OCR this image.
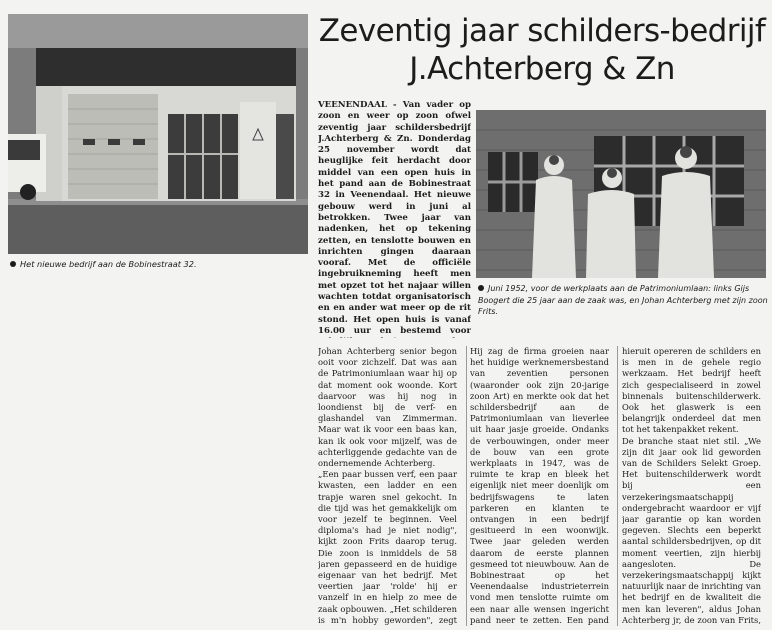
Het nieuwe bedrijf aan de Bobinestraat 32.
Zeventig jaar schilders-bedrijf J.Achterberg & Zn
VEENENDAAL - Van vader op zoon en weer op zoon ofwel zeventig jaar schildersbedrijf J.Achterberg & Zn. Donderdag 25 november wordt dat heuglijke feit herdacht door middel van een open huis in het pand aan de Bobinestraat 32 in Veenendaal. Het nieuwe gebouw werd in juni al betrokken. Twee jaar van nadenken, het op tekening zetten, en tenslotte bouwen en inrichten gingen daaraan vooraf. Met de officiële ingebruikneming heeft men met opzet tot het najaar willen wachten totdat organisatorisch en en ander wat meer op de rit stond. Het open huis is vanaf 16.00 uur en bestemd voor
Juni 1952, voor de werkplaats aan de Patrimoniumlaan: links Gijs Boogert die 25 jaar aan de zaak was, en Johan Achterberg met zijn zoon Frits.

Johan Achterberg senior begon ooit voor zichzelf. Dat was aan de Patrimoniumlaan waar hij op dat moment ook woonde. Kort daarvoor was hij nog in loondienst bij de verf- en glashandel van Zimmerman. Maar wat ik voor een baas kan, kan ik ook voor mijzelf, was de achterliggende gedachte van de ondernemende Achterberg.

„Een paar bussen verf, een paar kwasten, een ladder en een trapje waren snel gekocht. In die tijd was het gemakkelijk om voor jezelf te beginnen. Veel diploma's had je niet nodig", kijkt zoon Frits daarop terug. Die zoon is inmiddels de 58 jaren gepasseerd en de huidige eigenaar van het bedrijf. Met veertien jaar 'rolde' hij er vanzelf in en hielp zo mee de zaak opbouwen. „Het schilderen is m'n hobby geworden", zegt

Hij zag de firma groeien naar het huidige werknemersbestand van zeventien personen (waaronder ook zijn 20-jarige zoon Art) en merkte ook dat het schildersbedrijf aan de Patrimoniumlaan van lieverlee uit haar jasje groeide. Ondanks de verbouwingen, onder meer de bouw van een grote werkplaats in 1947, was de ruimte te krap en bleek het eigenlijk niet meer doenlijk om bedrijfswagens te laten parkeren en klanten te ontvangen in een bedrijf gesitueerd in een woonwijk. Twee jaar geleden werden daarom de eerste plannen gesmeed tot nieuwbouw. Aan de Bobinestraat op het Veenendaalse industrieterrein vond men tenslotte ruimte om een naar alle wensen ingericht pand neer te zetten. Een pand

hieruit opereren de schilders en is men in de gehele regio werkzaam. Het bedrijf heeft zich gespecialiseerd in zowel binnenals buitenschilderwerk. Ook het glaswerk is een belangrijk onderdeel dat men tot het takenpakket rekent.

De branche staat niet stil. „We zijn dit jaar ook lid geworden van de Schilders Selekt Groep. Het buitenschilderwerk wordt bij een verzekeringsmaatschappij ondergebracht waardoor er vijf jaar garantie op kan worden gegeven. Slechts een beperkt aantal schildersbedrijven, op dit moment veertien, zijn hierbij aangesloten. De verzekeringsmaatschappij kijkt natuurlijk naar de inrichting van het bedrijf en de kwaliteit die men kan leveren", aldus Johan Achterberg jr, de zoon van Frits,
